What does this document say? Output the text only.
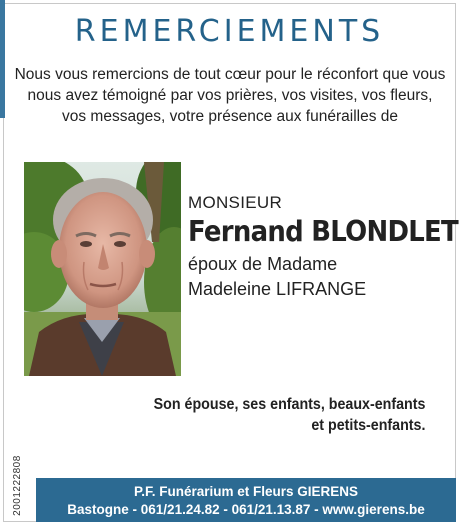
REMERCIEMENTS
Nous vous remercions de tout cœur pour le réconfort que vous nous avez témoigné par vos prières, vos visites, vos fleurs, vos messages, votre présence aux funérailles de
MONSIEUR
Fernand BLONDLET
époux de Madame
Madeleine LIFRANGE
Son épouse, ses enfants, beaux-enfants
et petits-enfants.
2001222808	P.F. Funérarium et Fleurs GIERENS
Bastogne - 061/21.24.82 - 061/21.13.87 - www.gierens.be
